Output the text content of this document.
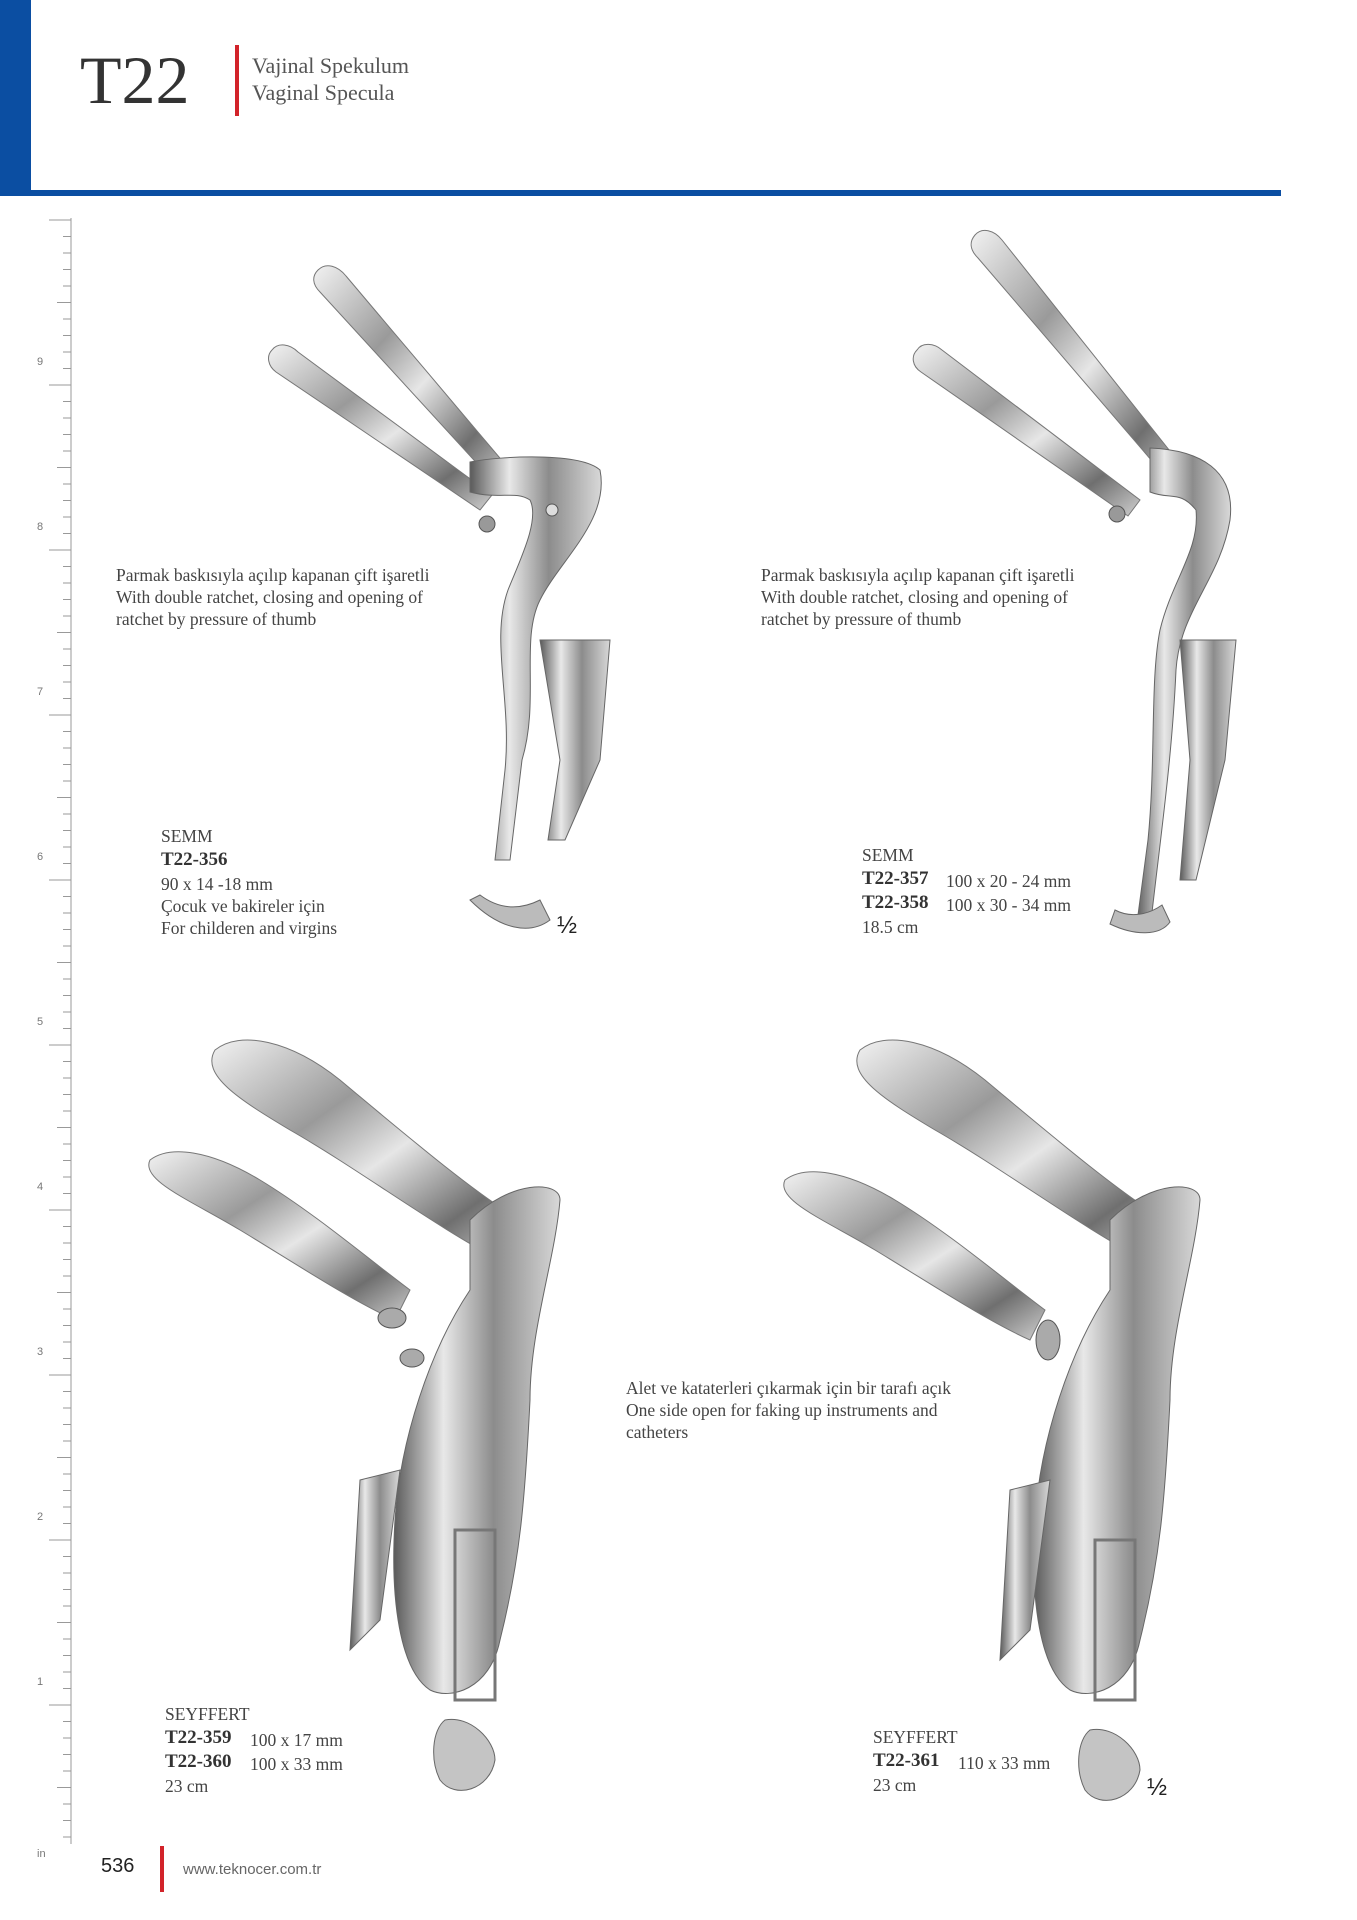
T22	Vajinal Spekulum
Vaginal Specula
9
8
7
6
5
4
3
2
1
in
Parmak baskısıyla açılıp kapanan çift işaretli
With double ratchet, closing and opening of
ratchet by pressure of thumb
SEMM
T22-356
90 x 14 -18 mm
Çocuk ve bakireler için
For childeren and virgins	½
Parmak baskısıyla açılıp kapanan çift işaretli
With double ratchet, closing and opening of
ratchet by pressure of thumb
SEMM
T22-357 100 x 20 - 24 mm
T22-358 100 x 30 - 34 mm
18.5 cm
SEYFFERT
T22-359 100 x 17 mm
T22-360 100 x 33 mm
23 cm
Alet ve kataterleri çıkarmak için bir tarafı açık
One side open for faking up instruments and
catheters
SEYFFERT
T22-361 110 x 33 mm
23 cm	½
536	www.teknocer.com.tr
